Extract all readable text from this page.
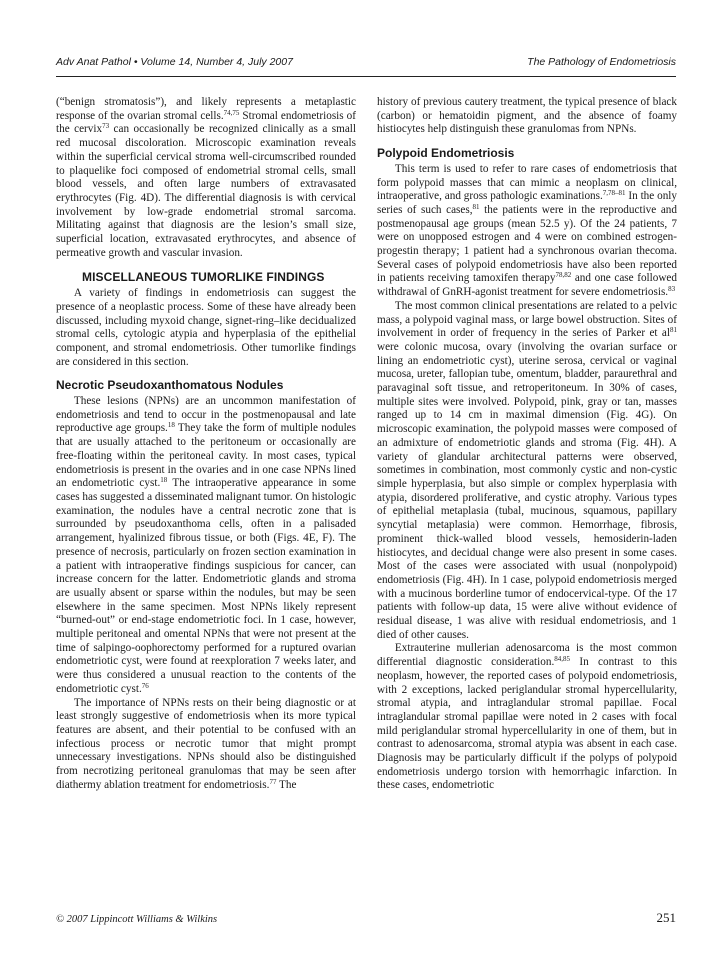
Adv Anat Pathol • Volume 14, Number 4, July 2007	The Pathology of Endometriosis

(“benign stromatosis”), and likely represents a metaplastic response of the ovarian stromal cells.$^{74,75}$ Stromal endometriosis of the cervix$^{73}$ can occasionally be recognized clinically as a small red mucosal discoloration. Microscopic examination reveals within the superficial cervical stroma well-circumscribed rounded to plaquelike foci composed of endometrial stromal cells, small blood vessels, and often large numbers of extravasated erythrocytes (Fig. 4D). The differential diagnosis is with cervical involvement by low-grade endometrial stromal sarcoma. Militating against that diagnosis are the lesion’s small size, superficial location, extravasated erythrocytes, and absence of permeative growth and vascular invasion.

MISCELLANEOUS TUMORLIKE FINDINGS

A variety of findings in endometriosis can suggest the presence of a neoplastic process. Some of these have already been discussed, including myxoid change, signet-ring–like decidualized stromal cells, cytologic atypia and hyperplasia of the epithelial component, and stromal endometriosis. Other tumorlike findings are considered in this section.

Necrotic Pseudoxanthomatous Nodules

These lesions (NPNs) are an uncommon manifestation of endometriosis and tend to occur in the postmenopausal and late reproductive age groups.$^{18}$ They take the form of multiple nodules that are usually attached to the peritoneum or occasionally are free-floating within the peritoneal cavity. In most cases, typical endometriosis is present in the ovaries and in one case NPNs lined an endometriotic cyst.$^{18}$ The intraoperative appearance in some cases has suggested a disseminated malignant tumor. On histologic examination, the nodules have a central necrotic zone that is surrounded by pseudoxanthoma cells, often in a palisaded arrangement, hyalinized fibrous tissue, or both (Figs. 4E, F). The presence of necrosis, particularly on frozen section examination in a patient with intraoperative findings suspicious for cancer, can increase concern for the latter. Endometriotic glands and stroma are usually absent or sparse within the nodules, but may be seen elsewhere in the same specimen. Most NPNs likely represent “burned-out” or end-stage endometriotic foci. In 1 case, however, multiple peritoneal and omental NPNs that were not present at the time of salpingo-oophorectomy performed for a ruptured ovarian endometriotic cyst, were found at reexploration 7 weeks later, and were thus considered a unusual reaction to the contents of the endometriotic cyst.$^{76}$

The importance of NPNs rests on their being diagnostic or at least strongly suggestive of endometriosis when its more typical features are absent, and their potential to be confused with an infectious process or necrotic tumor that might prompt unnecessary investigations. NPNs should also be distinguished from necrotizing peritoneal granulomas that may be seen after diathermy ablation treatment for endometriosis.$^{77}$ The

history of previous cautery treatment, the typical presence of black (carbon) or hematoidin pigment, and the absence of foamy histiocytes help distinguish these granulomas from NPNs.

Polypoid Endometriosis

This term is used to refer to rare cases of endometriosis that form polypoid masses that can mimic a neoplasm on clinical, intraoperative, and gross pathologic examinations.$^{7,78-81}$ In the only series of such cases,$^{81}$ the patients were in the reproductive and postmenopausal age groups (mean 52.5 y). Of the 24 patients, 7 were on unopposed estrogen and 4 were on combined estrogen-progestin therapy; 1 patient had a synchronous ovarian thecoma. Several cases of polypoid endometriosis have also been reported in patients receiving tamoxifen therapy$^{78,82}$ and one case followed withdrawal of GnRH-agonist treatment for severe endometriosis.$^{83}$

The most common clinical presentations are related to a pelvic mass, a polypoid vaginal mass, or large bowel obstruction. Sites of involvement in order of frequency in the series of Parker et $al^{81}$ were colonic mucosa, ovary (involving the ovarian surface or lining an endometriotic cyst), uterine serosa, cervical or vaginal mucosa, ureter, fallopian tube, omentum, bladder, paraurethral and paravaginal soft tissue, and retroperitoneum. In 30% of cases, multiple sites were involved. Polypoid, pink, gray or tan, masses ranged up to 14 cm in maximal dimension (Fig. 4G). On microscopic examination, the polypoid masses were composed of an admixture of endometriotic glands and stroma (Fig. 4H). A variety of glandular architectural patterns were observed, sometimes in combination, most commonly cystic and non-cystic simple hyperplasia, but also simple or complex hyperplasia with atypia, disordered proliferative, and cystic atrophy. Various types of epithelial metaplasia (tubal, mucinous, squamous, papillary syncytial metaplasia) were common. Hemorrhage, fibrosis, prominent thick-walled blood vessels, hemosiderin-laden histiocytes, and decidual change were also present in some cases. Most of the cases were associated with usual (nonpolypoid) endometriosis (Fig. 4H). In 1 case, polypoid endometriosis merged with a mucinous borderline tumor of endocervical-type. Of the 17 patients with follow-up data, 15 were alive without evidence of residual disease, 1 was alive with residual endometriosis, and 1 died of other causes.

Extrauterine mullerian adenosarcoma is the most common differential diagnostic consideration.$^{84,85}$ In contrast to this neoplasm, however, the reported cases of polypoid endometriosis, with 2 exceptions, lacked periglandular stromal hypercellularity, stromal atypia, and intraglandular stromal papillae. Focal intraglandular stromal papillae were noted in 2 cases with focal mild periglandular stromal hypercellularity in one of them, but in contrast to adenosarcoma, stromal atypia was absent in each case. Diagnosis may be particularly difficult if the polyps of polypoid endometriosis undergo torsion with hemorrhagic infarction. In these cases, endometriotic

© 2007 Lippincott Williams & Wilkins	251
